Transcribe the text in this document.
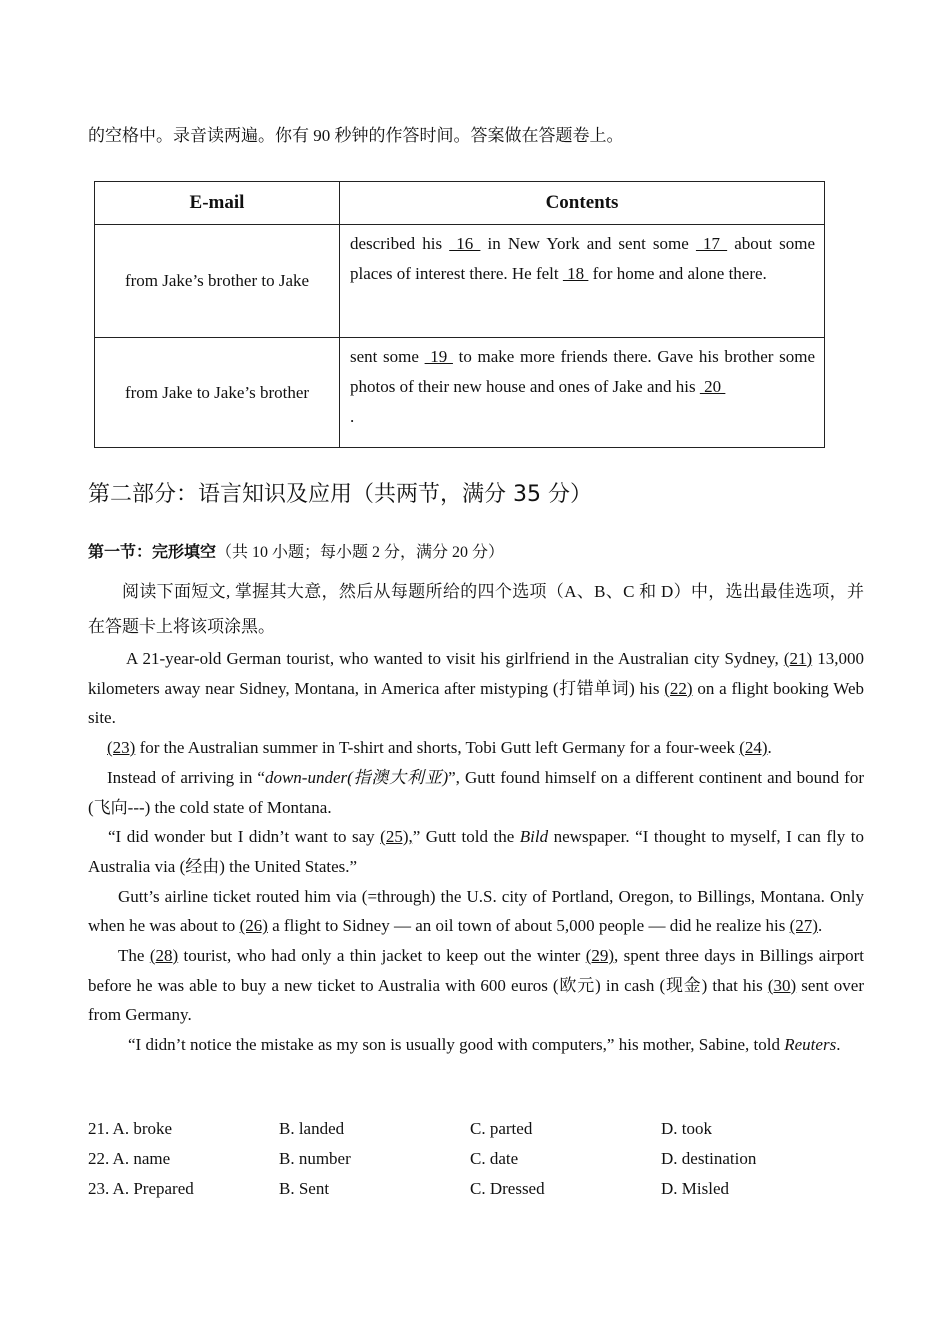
的空格中。录音读两遍。你有 90 秒钟的作答时间。答案做在答题卷上。
E-mail	Contents
from Jake’s brother to Jake	described his  16  in New York and sent some  17  about some places of interest there. He felt  18  for home and alone there.
from Jake to Jake’s brother	sent some  19  to make more friends there. Gave his brother some photos of their new house and ones of Jake and his  20
.
第二部分：语言知识及应用（共两节，满分 35 分）
第一节：完形填空（共 10 小题；每小题 2 分，满分 20 分）

阅读下面短文, 掌握其大意，然后从每题所给的四个选项（A、B、C 和 D）中，选出最佳选项，并在答题卡上将该项涂黑。

A 21-year-old German tourist, who wanted to visit his girlfriend in the Australian city Sydney, (21) 13,000 kilometers away near Sidney, Montana, in America after mistyping (打错单词) his (22) on a flight booking Web site.

(23) for the Australian summer in T-shirt and shorts, Tobi Gutt left Germany for a four-week (24).

Instead of arriving in “down-under(指澳大利亚)”, Gutt found himself on a different continent and bound for (飞向---) the cold state of Montana.

“I did wonder but I didn’t want to say (25),” Gutt told the Bild newspaper. “I thought to myself, I can fly to Australia via (经由) the United States.”

Gutt’s airline ticket routed him via (=through) the U.S. city of Portland, Oregon, to Billings, Montana. Only when he was about to (26) a flight to Sidney — an oil town of about 5,000 people — did he realize his (27).

The (28) tourist, who had only a thin jacket to keep out the winter (29), spent three days in Billings airport before he was able to buy a new ticket to Australia with 600 euros (欧元) in cash (现金) that his (30) sent over from Germany.

“I didn’t notice the mistake as my son is usually good with computers,” his mother, Sabine, told Reuters.

21. A. broke	B. landed	C. parted	D. took
22. A. name	B. number	C. date	D. destination
23. A. Prepared	B. Sent	C. Dressed	D. Misled
